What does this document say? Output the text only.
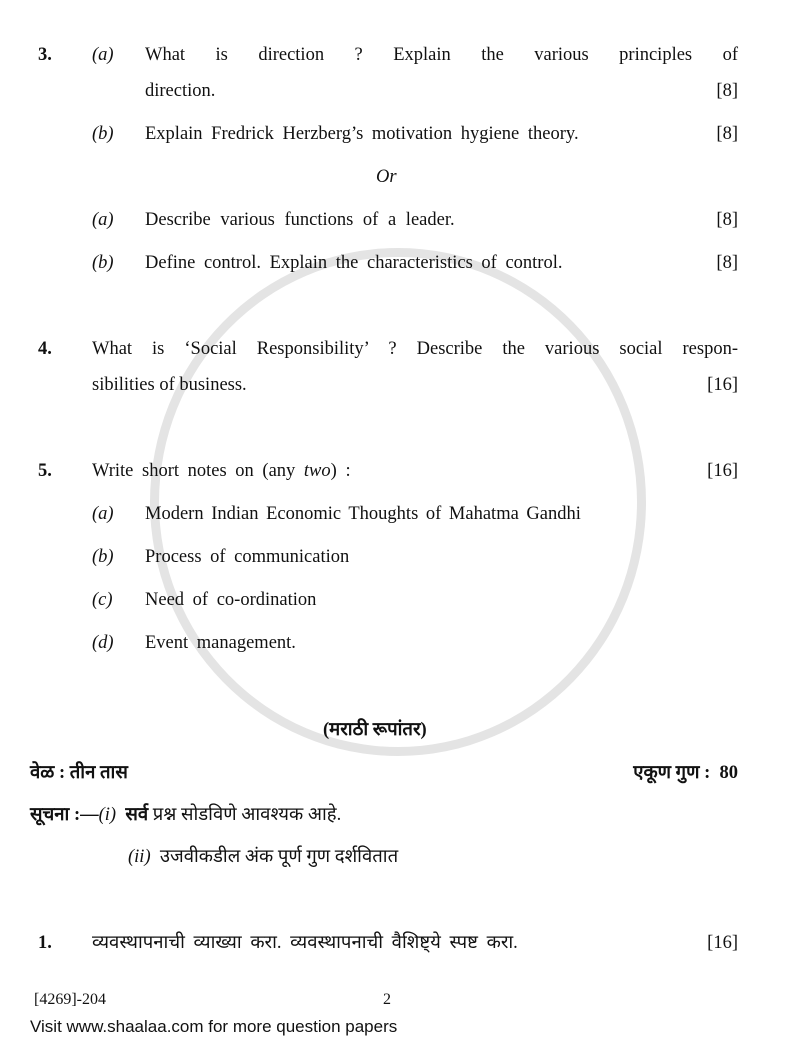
3. (a) What is direction ? Explain the various principles of
direction.	[8]
(b) Explain Fredrick Herzberg’s motivation hygiene theory.	[8]
Or
(a) Describe various functions of a leader.	[8]
(b) Define control. Explain the characteristics of control.	[8]
4. What is ‘Social Responsibility’ ? Describe the various social respon-
sibilities of business.	[16]
5. Write short notes on (any two) :	[16]
(a) Modern Indian Economic Thoughts of Mahatma Gandhi
(b) Process of communication
(c) Need of co-ordination
(d) Event management.
(मराठी रूपांतर)
वेळ : तीन तास	एकूण गुण :  80
सूचना :—(i) सर्व प्रश्न सोडविणे आवश्यक आहे.
(ii) उजवीकडील अंक पूर्ण गुण दर्शवितात
1. व्यवस्थापनाची व्याख्या करा. व्यवस्थापनाची वैशिष्ट्ये स्पष्ट करा.	[16]
[4269]-204	2
Visit www.shaalaa.com for more question papers
